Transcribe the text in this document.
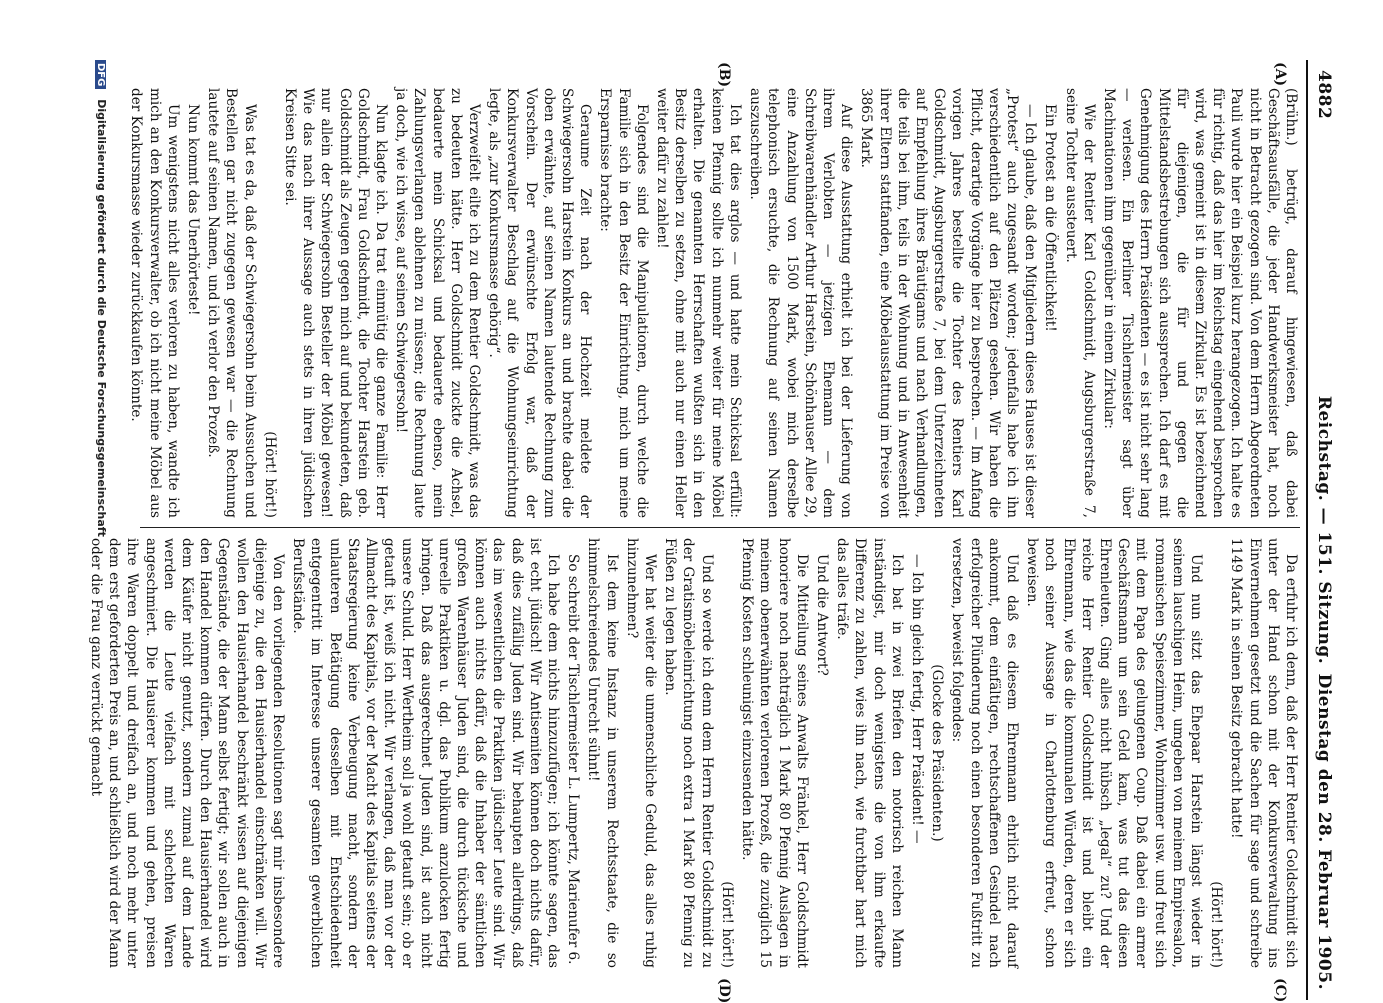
4882
Reichstag. — 151. Sitzung.
Dienstag den 28. Februar 1905.
(A)
(B)
(C)
(D)

(Brühn.) betrügt, darauf hingewiesen, daß dabei Geschäftsausfälle, die jeder Handwerksmeister hat, noch nicht in Betracht gezogen sind. Von dem Herrn Abgeordneten Pauli wurde hier ein Beispiel kurz herangezogen. Ich halte es für richtig, daß das hier im Reichstag eingehend besprochen wird, was gemeint ist in diesem Zirkular. Es ist bezeichnend für diejenigen, die für und gegen die Mittelstandsbestrebungen sich aussprechen. Ich darf es mit Genehmigung des Herrn Präsidenten — es ist nicht sehr lang — verlesen. Ein Berliner Tischlermeister sagt über Machinationen ihm gegenüber in einem Zirkular:

Wie der Rentier Karl Goldschmidt, Augsburgerstraße 7, seine Tochter aussteuert.

Ein Protest an die Öffentlichkeit!

— Ich glaube, daß den Mitgliedern dieses Hauses ist dieser „Protest“ auch zugesandt worden; jedenfalls habe ich ihn verschiedentlich auf den Plätzen gesehen. Wir haben die Pflicht, derartige Vorgänge hier zu besprechen. — Im Anfang vorigen Jahres bestellte die Tochter des Rentiers Karl Goldschmidt, Augsburgerstraße 7, bei dem Unterzeichneten auf Empfehlung ihres Bräutigams und nach Verhandlungen, die teils bei ihm, teils in der Wohnung und in Anwesenheit ihrer Eltern stattfanden, eine Möbelausstattung im Preise von 3865 Mark.

Auf diese Ausstattung erhielt ich bei der Lieferung von ihrem Verlobten — jetzigen Ehemann — dem Schreibwarenhändler Arthur Harstein, Schönhauser Allee 29, eine Anzahlung von 1500 Mark, wobei mich derselbe telephonisch ersuchte, die Rechnung auf seinen Namen auszuschreiben.

Ich tat dies arglos — und hatte mein Schicksal erfüllt: keinen Pfennig sollte ich nunmehr weiter für meine Möbel erhalten. Die genannten Herrschaften wußten sich in den Besitz derselben zu setzen, ohne mit auch nur einen Heller weiter dafür zu zahlen!

Folgendes sind die Manipulationen, durch welche die Familie sich in den Besitz der Einrichtung, mich um meine Ersparnisse brachte:

Geraume Zeit nach der Hochzeit meldete der Schwiegersohn Harstein Konkurs an und brachte dabei die oben erwähnte, auf seinen Namen lautende Rechnung zum Vorschein. Der erwünschte Erfolg war, daß der Konkursverwalter Beschlag auf die Wohnungseinrichtung legte, als „zur Konkursmasse gehörig“.

Verzweifelt eilte ich zu dem Rentier Goldschmidt, was das zu bedeuten hätte. Herr Goldschmidt zuckte die Achsel, bedauerte mein Schicksal und bedauerte ebenso, mein Zahlungsverlangen ablehnen zu müssen; die Rechnung laute ja doch, wie ich wisse, auf seinen Schwiegersohn!

Nun klagte ich. Da trat einmütig die ganze Familie: Herr Goldschmidt, Frau Goldschmidt, die Tochter Harstein geb. Goldschmidt als Zeugen gegen mich auf und bekundeten, daß nur allein der Schwiegersohn Besteller der Möbel gewesen! Wie das nach ihrer Aussage auch stets in ihren jüdischen Kreisen Sitte sei.

(Hört! hört!)

Was tat es da, daß der Schwiegersohn beim Aussuchen und Bestellen gar nicht zugegen gewesen war — die Rechnung lautete auf seinen Namen, und ich verlor den Prozeß.

Nun kommt das Unerhörteste!

Um wenigstens nicht alles verloren zu haben, wandte ich mich an den Konkursverwalter, ob ich nicht meine Möbel aus der Konkursmasse wieder zurückkaufen könnte.

Da erfuhr ich denn, daß der Herr Rentier Goldschmidt sich unter der Hand schon mit der Konkursverwaltung ins Einvernehmen gesetzt und die Sachen für sage und schreibe 1149 Mark in seinen Besitz gebracht hatte!

(Hört! hört!)

Und nun sitzt das Ehepaar Harstein längst wieder in seinem lauschigen Heim, umgeben von meinem Empiresalon, romanischen Speisezimmer, Wohnzimmer usw. und freut sich mit dem Papa des gelungenen Coup. Daß dabei ein armer Geschäftsmann um sein Geld kam, was tut das diesen Ehrenleuten. Ging alles nicht hübsch „legal“ zu? Und der reiche Herr Rentier Goldschmidt ist und bleibt ein Ehrenmann, wie das die kommunalen Würden, deren er sich noch seiner Aussage in Charlottenburg erfreut, schon beweisen.

Und daß es diesem Ehrenmann ehrlich nicht darauf ankommt, dem einfältigen, rechtschaffenen Gesindel nach erfolgreicher Plünderung noch einen besonderen Fußtritt zu versetzen, beweist folgendes:

(Glocke des Präsidenten.)

— Ich bin gleich fertig, Herr Präsident! —

Ich bat in zwei Briefen den notorisch reichen Mann inständigst, mir doch wenigstens die von ihm erkaufte Differenz zu zahlen, wies ihn nach, wie furchtbar hart mich das alles träfe.

Und die Antwort?

Die Mitteilung seines Anwalts Fränkel, Herr Goldschmidt honoriere noch nachträglich 1 Mark 80 Pfennig Auslagen in meinem obenerwähnten verlorenen Prozeß, die zuzüglich 15 Pfennig Kosten schleunigst einzusenden hätte.

(Hört! hört!)

Und so werde ich denn dem Herrn Rentier Goldschmidt zu der Gratismöbeleinrichtung noch extra 1 Mark 80 Pfennig zu Füßen zu legen haben.

Wer hat weiter die unmenschliche Geduld, das alles ruhig hinzunehmen?

Ist dem keine Instanz in unserem Rechtsstaate, die so himmelschreiendes Unrecht sühnt!

So schreibt der Tischlermeister L. Lumpertz, Marienufer 6.

Ich habe dem nichts hinzuzufügen; ich könnte sagen, das ist echt jüdisch! Wir Antisemiten können doch nichts dafür, daß dies zufällig Juden sind. Wir behaupten allerdings, daß das im wesentlichen die Praktiken jüdischer Leute sind. Wir können auch nichts dafür, daß die Inhaber der sämtlichen großen Warenhäuser Juden sind, die durch tückische und unreelle Praktiken u. dgl. das Publikum anzulocken fertig bringen. Daß das ausgerechnet Juden sind, ist auch nicht unsere Schuld. Herr Wertheim soll ja wohl getauft sein; ob er getauft ist, weiß ich nicht. Wir verlangen, daß man vor der Allmacht des Kapitals, vor der Macht des Kapitals seitens der Staatsregierung keine Verbeugung macht, sondern der unlauteren Betätigung desselben mit Entschiedenheit entgegentritt im Interesse unserer gesamten gewerblichen Berufsstände.

Von den vorliegenden Resolutionen sagt mir insbesondere diejenige zu, die den Hausierhandel einschränken will. Wir wollen den Hausierhandel beschränkt wissen auf diejenigen Gegenstände, die der Mann selbst fertigt; wir sollen auch in den Handel kommen dürfen. Durch den Hausierhandel wird dem Käufer nicht genutzt, sondern zumal auf dem Lande werden die Leute vielfach mit schlechten Waren angeschmiert. Die Hausierer kommen und gehen, preisen ihre Waren doppelt und dreifach an, und noch mehr unter dem erst geforderten Preis an, und schließlich wird der Mann oder die Frau ganz verrückt gemacht

DFG Digitalisierung gefördert durch die Deutsche Forschungsgemeinschaft
